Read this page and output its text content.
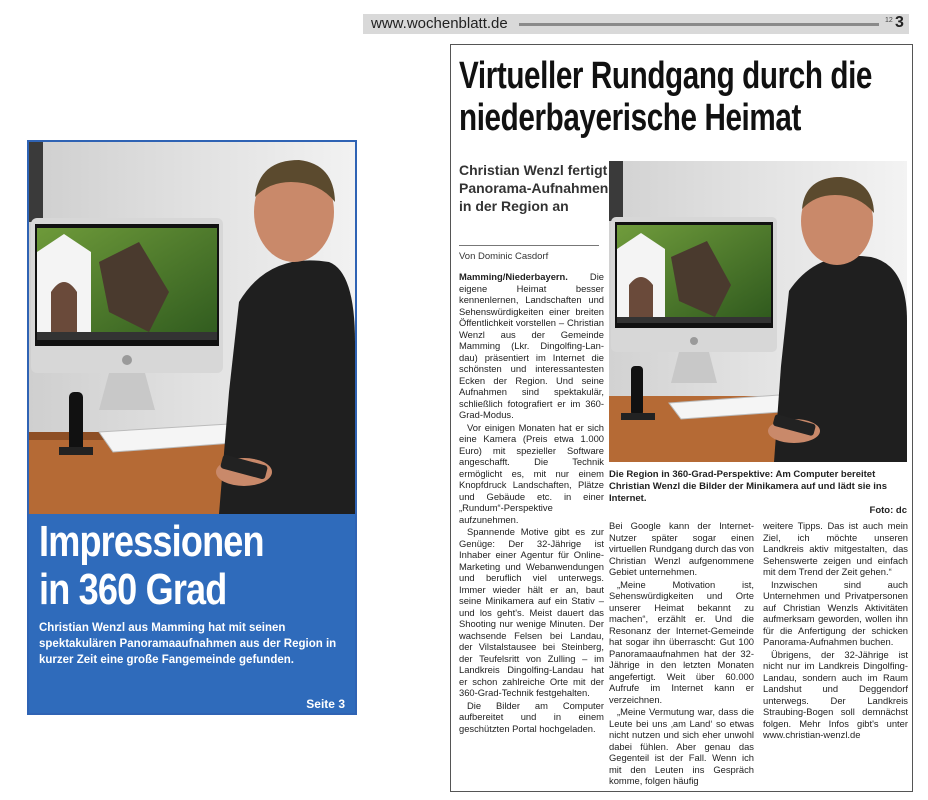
Impressionen
in 360 Grad
Christian Wenzl aus Mamming hat mit seinen spektakulären Panoramaaufnahmen aus der Region in kurzer Zeit eine große Fangemeinde gefunden.
Seite 3
www.wochenblatt.de	12 3
Virtueller Rundgang durch die niederbayerische Heimat
Christian Wenzl fertigt Panorama-Aufnahmen in der Region an
Von Dominic Casdorf

Mamming/Niederbayern. Die eigene Heimat besser kennenlernen, Landschaften und Sehenswürdigkeiten einer breiten Öffentlichkeit vorstellen – Christian Wenzl aus der Gemeinde Mamming (Lkr. Dingolfing-Lan-dau) präsentiert im Internet die schönsten und interessantesten Ecken der Region. Und seine Aufnahmen sind spektakulär, schließlich fotografiert er im 360-Grad-Modus.

Vor einigen Monaten hat er sich eine Kamera (Preis etwa 1.000 Euro) mit spezieller Software angeschafft. Die Technik ermöglicht es, mit nur einem Knopfdruck Landschaften, Plätze und Gebäude etc. in einer „Rundum“-Perspektive aufzunehmen.

Spannende Motive gibt es zur Genüge: Der 32-Jährige ist Inhaber einer Agentur für Online-Marketing und Webanwendungen und beruflich viel unterwegs. Immer wieder hält er an, baut seine Minikamera auf ein Stativ – und los geht's. Meist dauert das Shooting nur wenige Minuten. Der wachsende Felsen bei Landau, der Vilstalstausee bei Steinberg, der Teufelsritt von Zulling – im Landkreis Dingolfing-Landau hat er schon zahlreiche Orte mit der 360-Grad-Technik festgehalten.

Die Bilder am Computer aufbereitet und in einem geschützten Portal hochgeladen.

Die Region in 360-Grad-Perspektive: Am Computer bereitet Christian Wenzl die Bilder der Minikamera auf und lädt sie ins Internet.
Foto: dc

Bei Google kann der Internet-Nutzer später sogar einen virtuellen Rundgang durch das von Christian Wenzl aufgenommene Gebiet unternehmen.

„Meine Motivation ist, Sehenswürdigkeiten und Orte unserer Heimat bekannt zu machen“, erzählt er. Und die Resonanz der Internet-Gemeinde hat sogar ihn überrascht: Gut 100 Panoramaaufnahmen hat der 32-Jährige in den letzten Monaten angefertigt. Weit über 60.000 Aufrufe im Internet kann er verzeichnen.

„Meine Vermutung war, dass die Leute bei uns ‚am Land‘ so etwas nicht nutzen und sich eher unwohl dabei fühlen. Aber genau das Gegenteil ist der Fall. Wenn ich mit den Leuten ins Gespräch komme, folgen häufig

weitere Tipps. Das ist auch mein Ziel, ich möchte unseren Landkreis aktiv mitgestalten, das Sehenswerte zeigen und einfach mit dem Trend der Zeit gehen.“

Inzwischen sind auch Unternehmen und Privatpersonen auf Christian Wenzls Aktivitäten aufmerksam geworden, wollen ihn für die Anfertigung der schicken Panorama-Aufnahmen buchen.

Übrigens, der 32-Jährige ist nicht nur im Landkreis Dingolfing-Landau, sondern auch im Raum Landshut und Deggendorf unterwegs. Der Landkreis Straubing-Bogen soll demnächst folgen. Mehr Infos gibt's unter www.christian-wenzl.de
